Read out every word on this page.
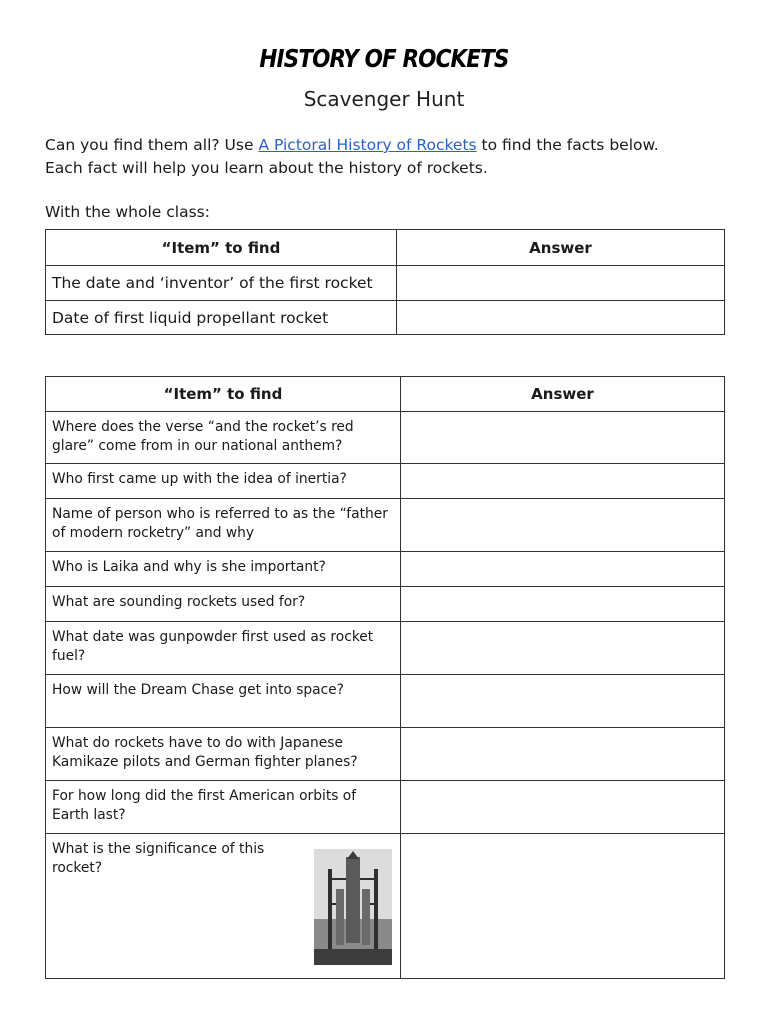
HISTORY OF ROCKETS
Scavenger Hunt
Can you find them all? Use A Pictoral History of Rockets to find the facts below.
Each fact will help you learn about the history of rockets.
With the whole class:
“Item” to find	Answer
The date and ‘inventor’ of the first rocket	
Date of first liquid propellant rocket	
“Item” to find	Answer
Where does the verse “and the rocket’s red glare” come from in our national anthem?	
Who first came up with the idea of inertia?	
Name of person who is referred to as the “father of modern rocketry” and why	
Who is Laika and why is she important?	
What are sounding rockets used for?	
What date was gunpowder first used as rocket fuel?	
How will the Dream Chase get into space?	
What do rockets have to do with Japanese Kamikaze pilots and German fighter planes?	
For how long did the first American orbits of Earth last?	

What is the significance of this rocket?	
